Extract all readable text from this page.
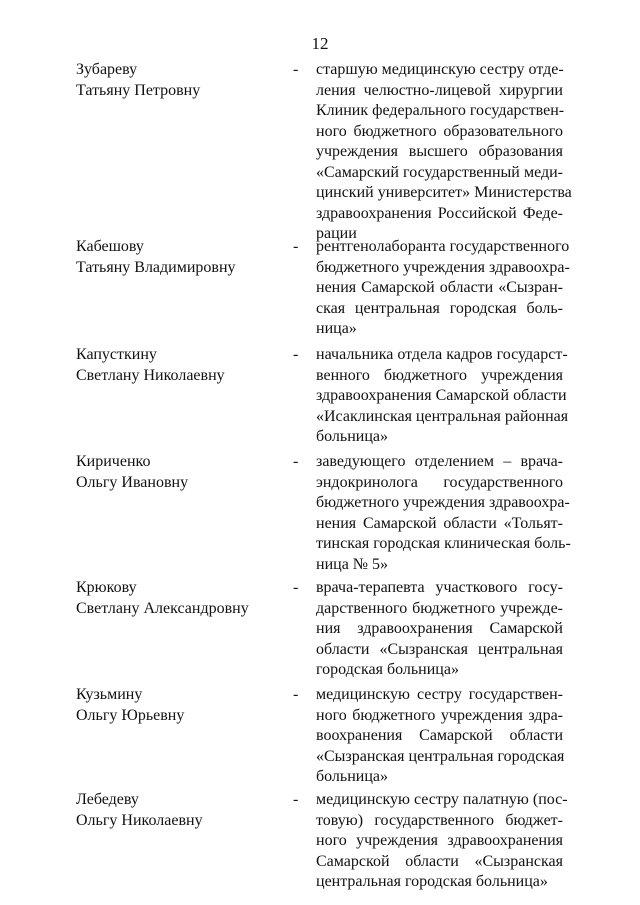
12
Зубареву
Татьяну Петровну
-	старшую медицинскую сестру отде-
ления челюстно-лицевой хирургии
Клиник федерального государствен-
ного бюджетного образовательного
учреждения высшего образования
«Самарский государственный меди-
цинский университет» Министерства
здравоохранения Российской Феде-
рации
Кабешову
Татьяну Владимировну
-	рентгенолаборанта государственного
бюджетного учреждения здравоохра-
нения Самарской области «Сызран-
ская центральная городская боль-
ница»
Капусткину
Светлану Николаевну
-	начальника отдела кадров государст-
венного бюджетного учреждения
здравоохранения Самарской области
«Исаклинская центральная районная
больница»
Кириченко
Ольгу Ивановну
-	заведующего отделением – врача-
эндокринолога государственного
бюджетного учреждения здравоохра-
нения Самарской области «Тольят-
тинская городская клиническая боль-
ница № 5»
Крюкову
Светлану Александровну
-	врача-терапевта участкового госу-
дарственного бюджетного учрежде-
ния здравоохранения Самарской
области «Сызранская центральная
городская больница»
Кузьмину
Ольгу Юрьевну
-	медицинскую сестру государствен-
ного бюджетного учреждения здра-
воохранения Самарской области
«Сызранская центральная городская
больница»
Лебедеву
Ольгу Николаевну
-	медицинскую сестру палатную (пос-
товую) государственного бюджет-
ного учреждения здравоохранения
Самарской области «Сызранская
центральная городская больница»
